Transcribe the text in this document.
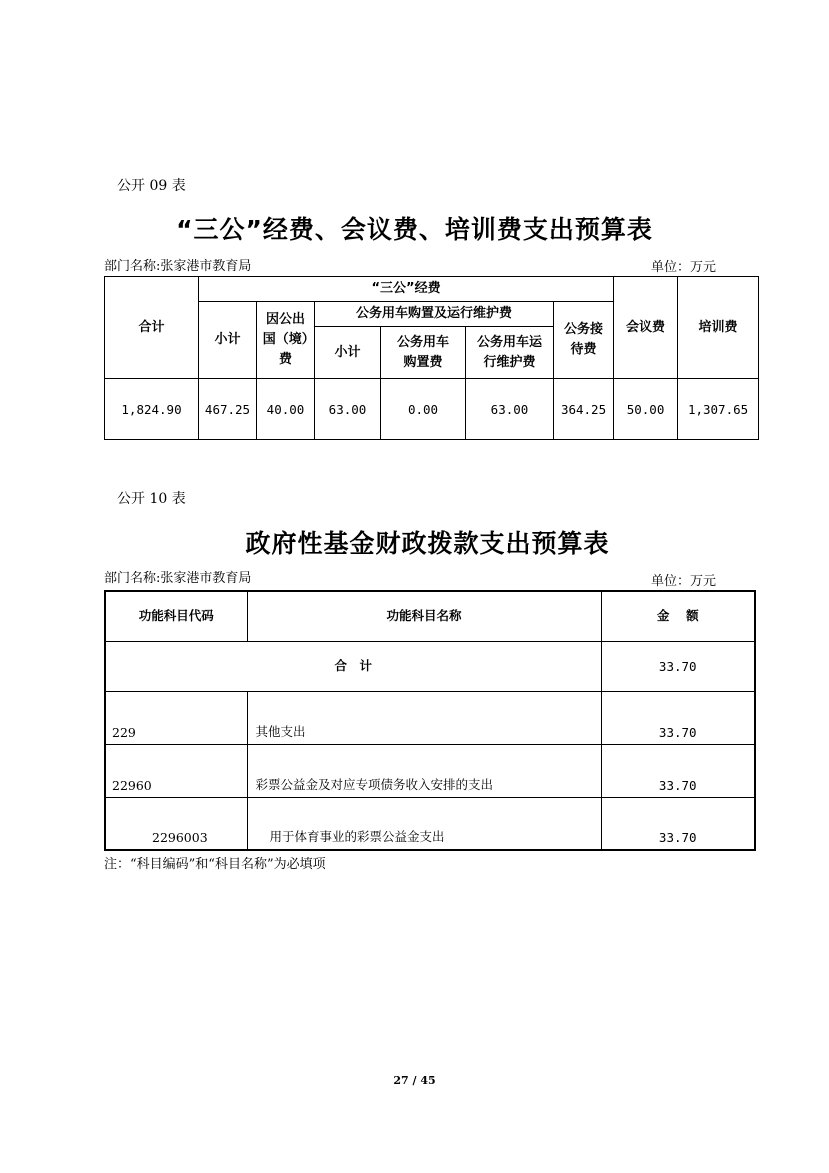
公开 09 表
“三公”经费、会议费、培训费支出预算表
部门名称:张家港市教育局	单位：万元
合计	“三公”经费						会议费	培训费
	小计	因公出国（境）费	公务用车购置及运行维护费			公务接待费		
			小计	公务用车购置费	公务用车运行维护费			
1,824.90	467.25	40.00	63.00	0.00	63.00	364.25	50.00	1,307.65
公开 10 表
政府性基金财政拨款支出预算表
部门名称:张家港市教育局	单位：万元
功能科目代码	功能科目名称	金　 额
合　计		33.70
229	其他支出	33.70
22960	彩票公益金及对应专项债务收入安排的支出	33.70
2296003	用于体育事业的彩票公益金支出	33.70
注：“科目编码”和“科目名称”为必填项
27 / 45
